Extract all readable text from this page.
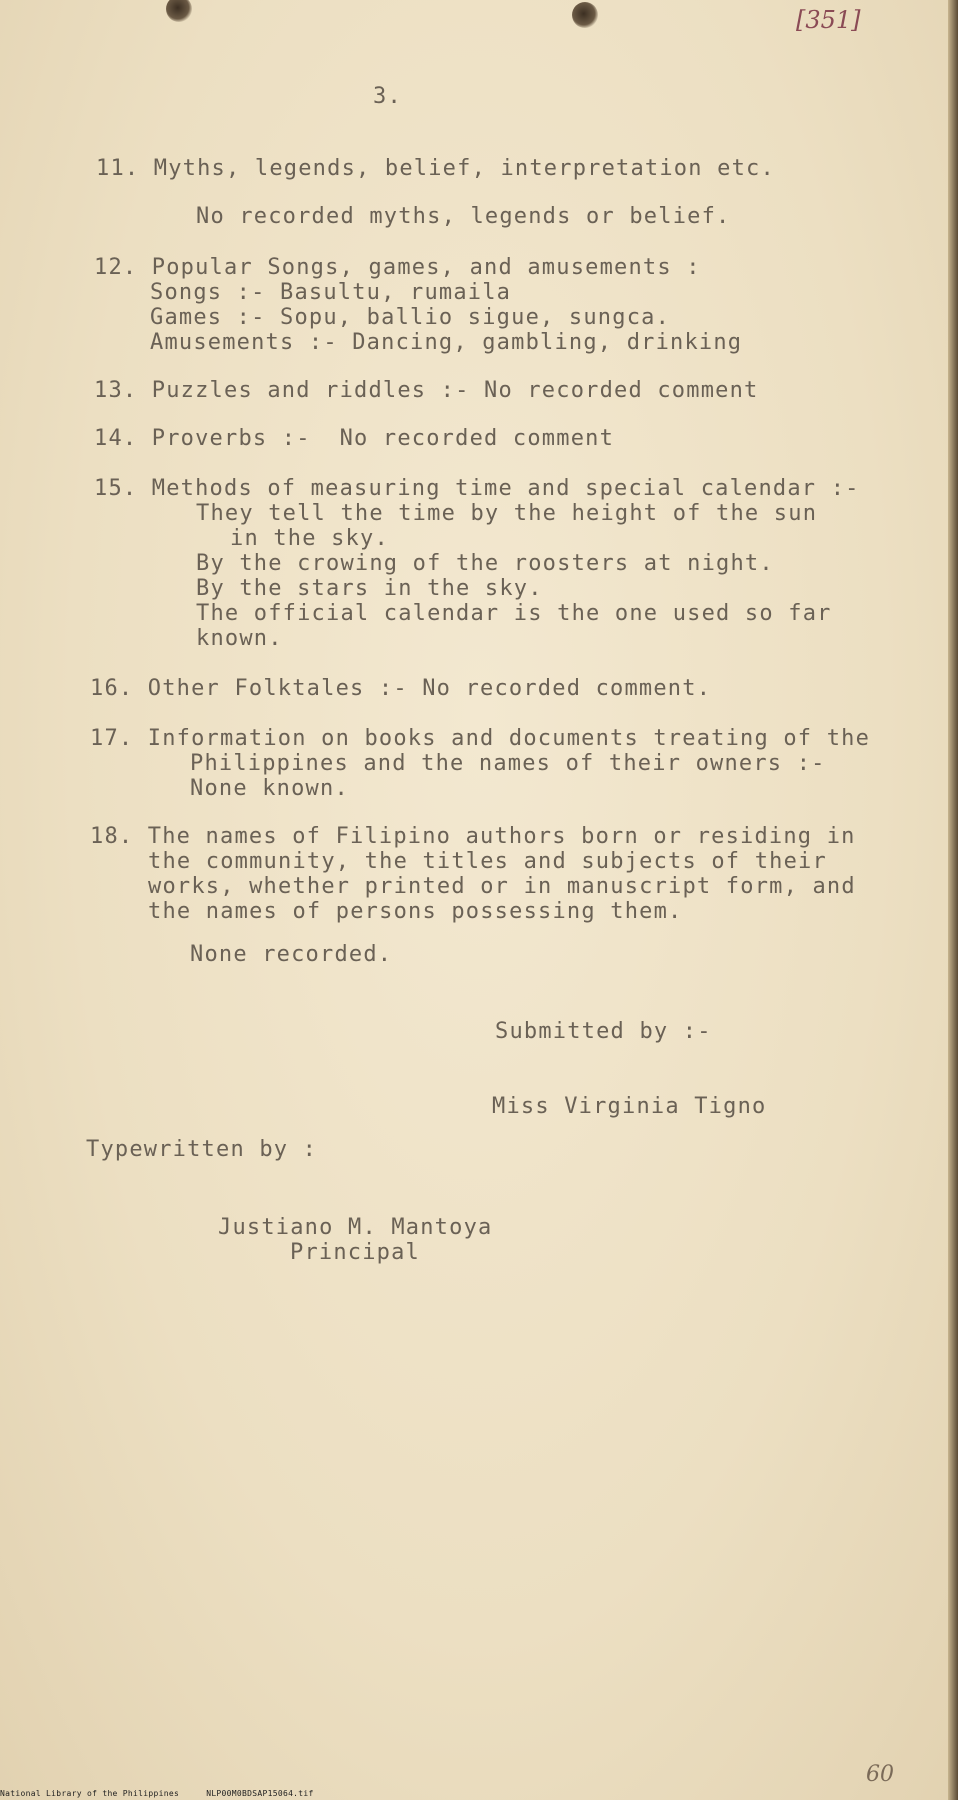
[351]
3.
11. Myths, legends, belief, interpretation etc.
No recorded myths, legends or belief.
12. Popular Songs, games, and amusements :
Songs :- Basultu, rumaila
Games :- Sopu, ballio sigue, sungca.
Amusements :- Dancing, gambling, drinking
13. Puzzles and riddles :- No recorded comment
14. Proverbs :-  No recorded comment
15. Methods of measuring time and special calendar :-
They tell the time by the height of the sun
in the sky.
By the crowing of the roosters at night.
By the stars in the sky.
The official calendar is the one used so far
known.
16. Other Folktales :- No recorded comment.
17. Information on books and documents treating of the
Philippines and the names of their owners :-
None known.
18. The names of Filipino authors born or residing in
the community, the titles and subjects of their
works, whether printed or in manuscript form, and
the names of persons possessing them.
None recorded.
Submitted by :-
Miss Virginia Tigno
Typewritten by :
Justiano M. Mantoya
Principal
60
National Library of the Philippines	NLP00M0BDSAP15064.tif
